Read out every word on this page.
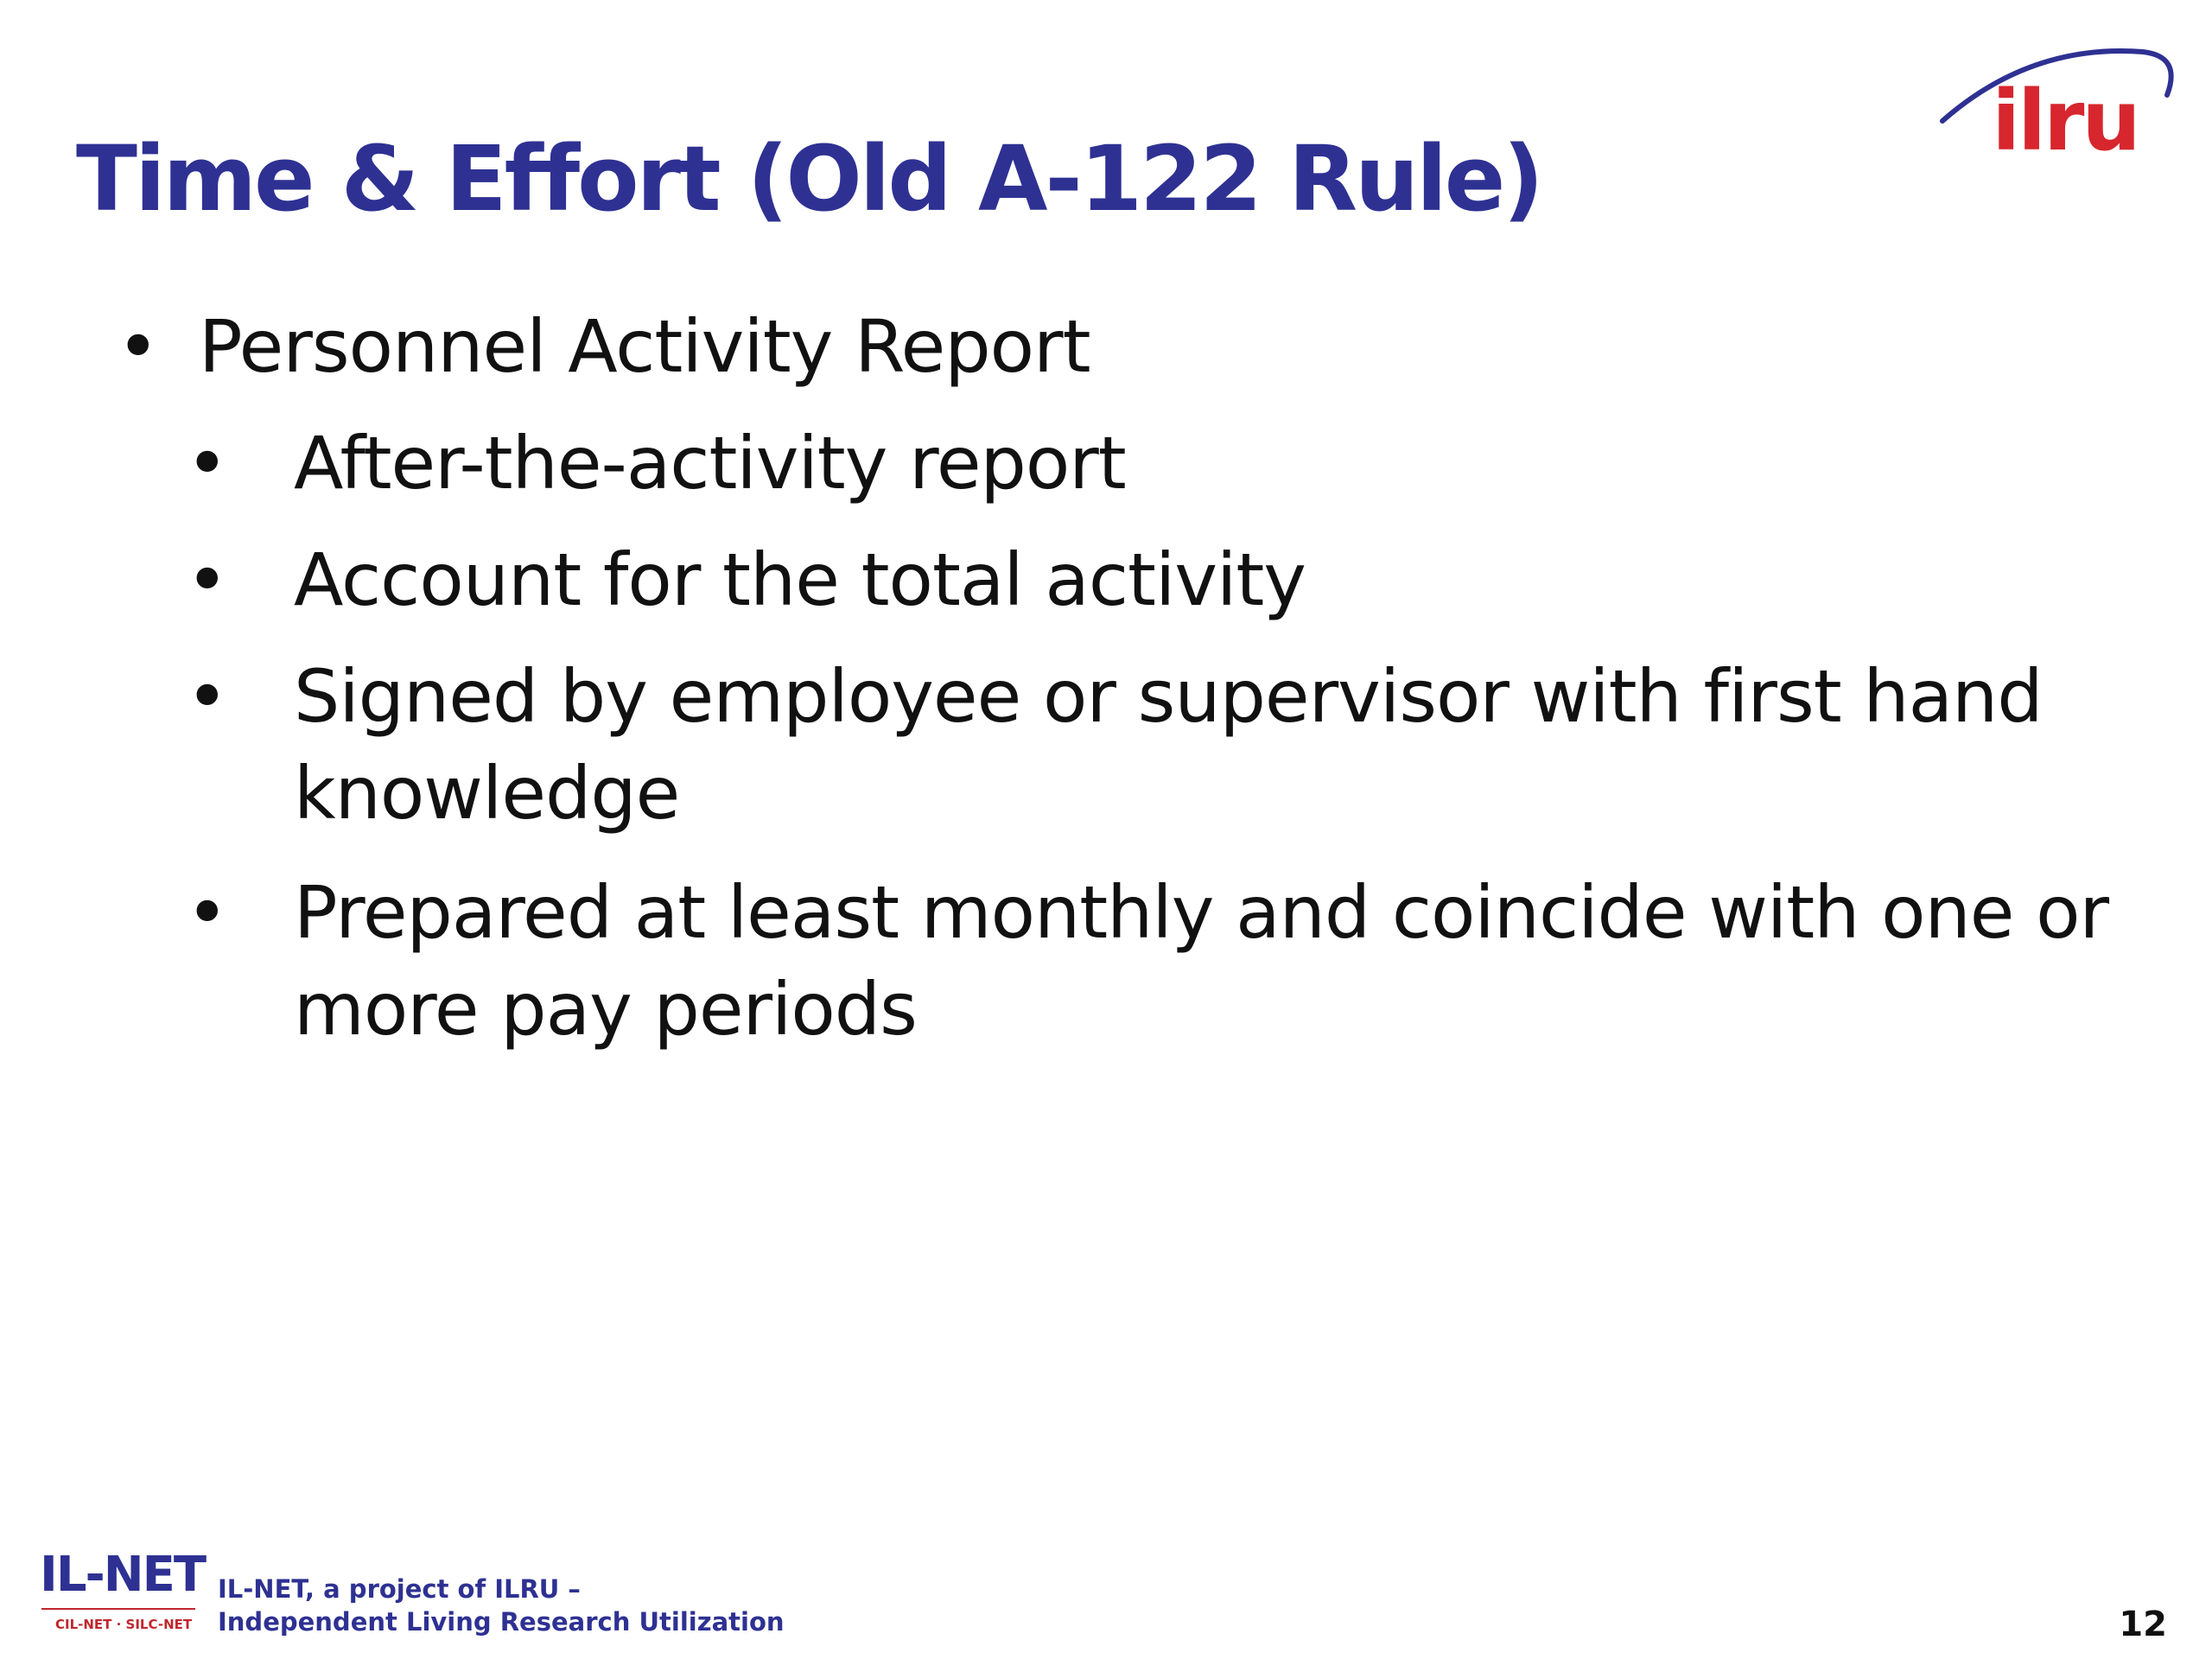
ilru
Time & Effort (Old A-122 Rule)
• Personnel Activity Report
• After-the-activity report
• Account for the total activity
• Signed by employee or supervisor with first hand knowledge
• Prepared at least monthly and coincide with one or more pay periods
IL-NET
CIL-NET · SILC-NET
IL-NET, a project of ILRU –
Independent Living Research Utilization	12
